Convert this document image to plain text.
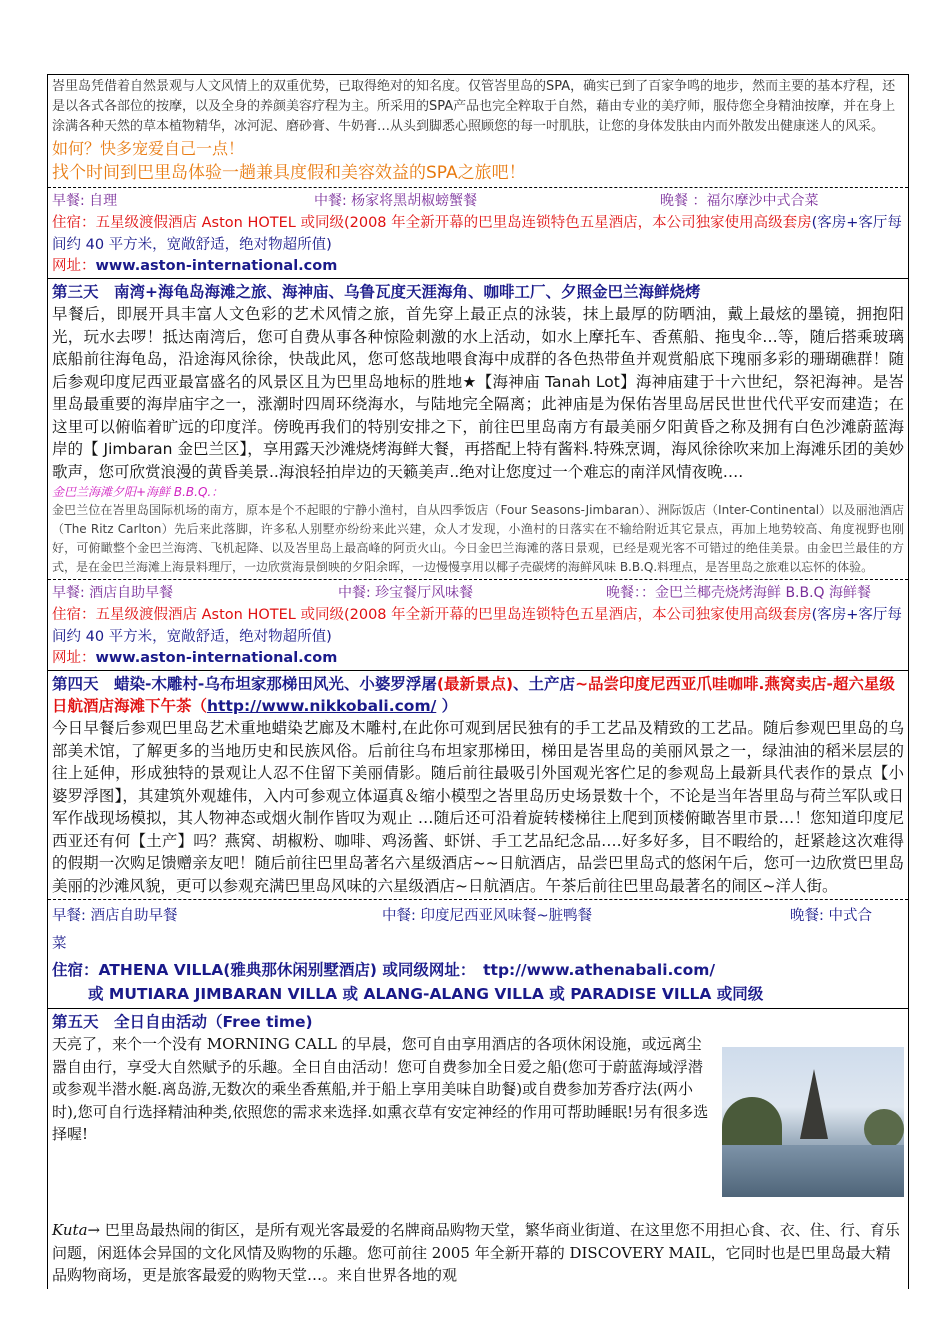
峇里岛凭借着自然景观与人文风情上的双重优势，已取得绝对的知名度。仅管峇里岛的SPA，确实已到了百家争鸣的地步，然而主要的基本疗程，还是以各式各部位的按摩，以及全身的养颜美容疗程为主。所采用的SPA产品也完全粹取于自然，藉由专业的美疗师，服侍您全身精油按摩，并在身上涂满各种天然的草本植物精华，冰河泥、磨砂膏、牛奶膏…从头到脚悉心照顾您的每一吋肌肤，让您的身体发肤由内而外散发出健康迷人的风采。

如何？快多宠爱自己一点！

找个时间到巴里岛体验一趟兼具度假和美容效益的SPA之旅吧！

早餐: 自理	中餐: 杨家将黑胡椒螃蟹餐	晚餐 ：福尔摩沙中式合菜

住宿：五星级渡假酒店 Aston HOTEL 或同级(2008 年全新开幕的巴里岛连锁特色五星酒店，本公司独家使用高级套房(客房+客厅每间约 40 平方米，宽敞舒适，绝对物超所值)

网址：www.aston-international.com

第三天　南湾+海龟岛海滩之旅、海神庙、乌鲁瓦度天涯海角、咖啡工厂、夕照金巴兰海鲜烧烤

早餐后，即展开具丰富人文色彩的艺术风情之旅，首先穿上最正点的泳装，抹上最厚的防晒油，戴上最炫的墨镜，拥抱阳光，玩水去啰！抵达南湾后，您可自费从事各种惊险刺激的水上活动，如水上摩托车、香蕉船、拖曳伞…等，随后搭乘玻璃底船前往海龟岛，沿途海风徐徐，快哉此风，您可悠哉地喂食海中成群的各色热带鱼并观赏船底下瑰丽多彩的珊瑚礁群！随后参观印度尼西亚最富盛名的风景区且为巴里岛地标的胜地★【海神庙 Tanah Lot】海神庙建于十六世纪，祭祀海神。是峇里岛最重要的海岸庙宇之一，涨潮时四周环绕海水，与陆地完全隔离；此神庙是为保佑峇里岛居民世世代代平安而建造；在这里可以俯临着旷远的印度洋。傍晚再我们的特别安排之下，前往巴里岛南方有最美丽夕阳黄昏之称及拥有白色沙滩蔚蓝海岸的【 Jimbaran 金巴兰区】，享用露天沙滩烧烤海鲜大餐，再搭配上特有酱料.特殊烹调，海风徐徐吹来加上海滩乐团的美妙歌声，您可欣赏浪漫的黄昏美景..海浪轻拍岸边的天籁美声..绝对让您度过一个难忘的南洋风情夜晚….

金巴兰海滩夕阳+海鲜 B.B.Q.：

金巴兰位在峇里岛国际机场的南方，原本是个不起眼的宁静小渔村，自从四季饭店（Four Seasons-Jimbaran）、洲际饭店（Inter-Continental）以及丽池酒店（The Ritz Carlton）先后来此落脚，许多私人别墅亦纷纷来此兴建，众人才发现，小渔村的日落实在不输给附近其它景点，再加上地势较高、角度视野也刚好，可俯瞰整个金巴兰海湾、飞机起降、以及峇里岛上最高峰的阿贡火山。今日金巴兰海滩的落日景观，已经是观光客不可错过的绝佳美景。由金巴兰最佳的方式，是在金巴兰海滩上海景料理厅，一边欣赏海景倒映的夕阳余晖，一边慢慢享用以椰子壳碳烤的海鲜风味 B.B.Q.料理点，是峇里岛之旅难以忘怀的体验。

早餐: 酒店自助早餐	中餐: 珍宝餐厅风味餐	晚餐：：金巴兰椰壳烧烤海鲜 B.B.Q 海鲜餐

住宿：五星级渡假酒店 Aston HOTEL 或同级(2008 年全新开幕的巴里岛连锁特色五星酒店，本公司独家使用高级套房(客房+客厅每间约 40 平方米，宽敞舒适，绝对物超所值)

网址：www.aston-international.com

第四天　蜡染-木雕村-乌布坦家那梯田风光、小婆罗浮屠(最新景点)、土产店~品尝印度尼西亚爪哇咖啡.燕窝卖店-超六星级日航酒店海滩下午茶（http://www.nikkobali.com/ ）

今日早餐后参观巴里岛艺术重地蜡染艺廊及木雕村,在此你可观到居民独有的手工艺品及精致的工艺品。随后参观巴里岛的乌部美术馆，了解更多的当地历史和民族风俗。后前往乌布坦家那梯田，梯田是峇里岛的美丽风景之一，绿油油的稻米层层的往上延伸，形成独特的景观让人忍不住留下美丽倩影。随后前往最吸引外国观光客伫足的参观岛上最新具代表作的景点【小婆罗浮图】，其建筑外观雄伟，入内可参观立体逼真＆缩小模型之峇里岛历史场景数十个，不论是当年峇里岛与荷兰军队或日军作战现场模拟，其人物神态或烟火制作皆叹为观止 …随后还可沿着旋转楼梯往上爬到顶楼俯瞰峇里市景…！您知道印度尼西亚还有何【土产】吗？燕窝、胡椒粉、咖啡、鸡汤酱、虾饼、手工艺品纪念品….好多好多，目不暇给的，赶紧趁这次难得的假期一次购足馈赠亲友吧！随后前往巴里岛著名六星级酒店~~日航酒店，品尝巴里岛式的悠闲午后，您可一边欣赏巴里岛美丽的沙滩风貌，更可以参观充满巴里岛风味的六星级酒店~日航酒店。午茶后前往巴里岛最著名的闹区~洋人街。

早餐: 酒店自助早餐	中餐: 印度尼西亚风味餐~脏鸭餐	晚餐: 中式合

菜

住宿：ATHENA VILLA(雅典那休闲别墅酒店) 或同级网址：　 ttp://www.athenabali.com/

或 MUTIARA JIMBARAN VILLA 或 ALANG-ALANG VILLA 或 PARADISE VILLA 或同级

第五天　全日自由活动（Free time)

天亮了，来个一个没有 MORNING CALL 的早晨，您可自由享用酒店的各项休闲设施，或远离尘嚣自由行，享受大自然赋予的乐趣。全日自由活动！您可自费参加全日爱之船(您可于蔚蓝海域浮潜或参观半潜水艇.离岛游,无数次的乘坐香蕉船,并于船上享用美味自助餐)或自费参加芳香疗法(两小时),您可自行选择精油种类,依照您的需求来选择.如熏衣草有安定神经的作用可帮助睡眠!另有很多选择喔!

Kuta→ 巴里岛最热闹的街区，是所有观光客最爱的名牌商品购物天堂，繁华商业街道、在这里您不用担心食、衣、住、行、育乐问题，闲逛体会异国的文化风情及购物的乐趣。您可前往 2005 年全新开幕的 DISCOVERY MAIL，它同时也是巴里岛最大精品购物商场，更是旅客最爱的购物天堂…。来自世界各地的观
